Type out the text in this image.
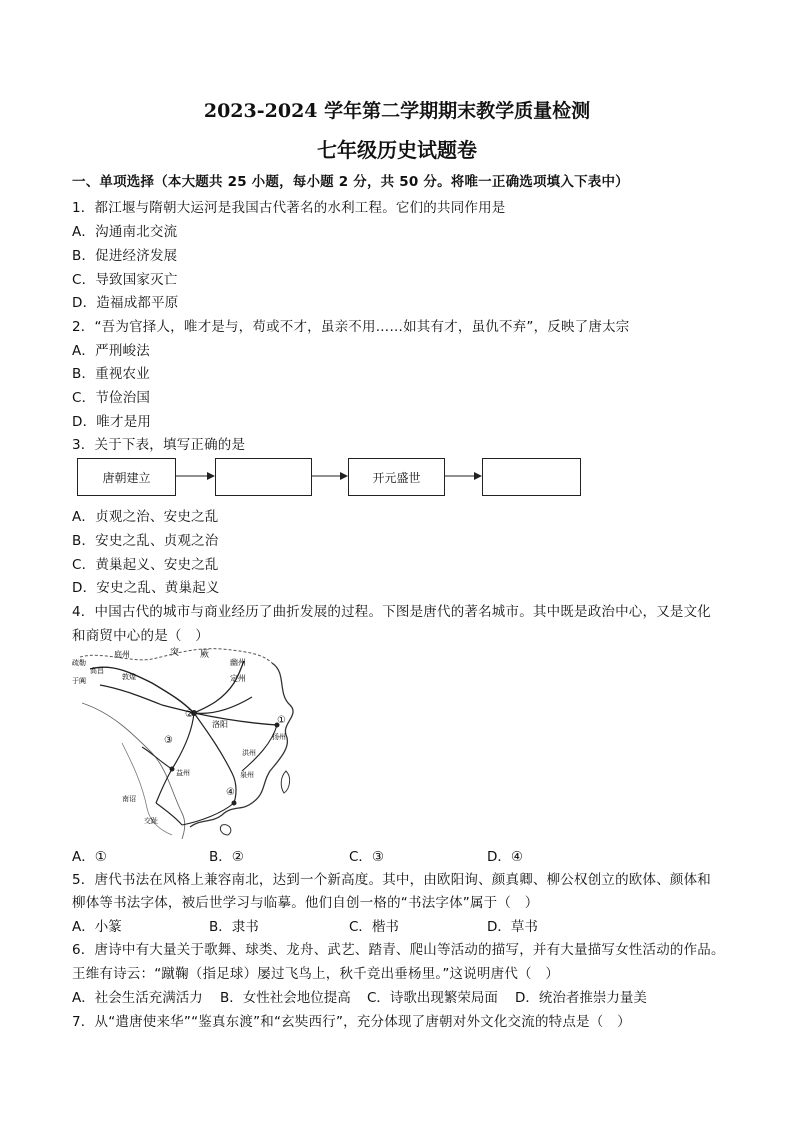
2023-2024 学年第二学期期末教学质量检测
七年级历史试题卷
一、单项选择（本大题共 25 小题，每小题 2 分，共 50 分。将唯一正确选项填入下表中）
1．都江堰与隋朝大运河是我国古代著名的水利工程。它们的共同作用是
A．沟通南北交流
B．促进经济发展
C．导致国家灭亡
D．造福成都平原
2．“吾为官择人，唯才是与，苟或不才，虽亲不用……如其有才，虽仇不弃”，反映了唐太宗
A．严刑峻法
B．重视农业
C．节俭治国
D．唯才是用
3．关于下表，填写正确的是
唐朝建立	开元盛世
A．贞观之治、安史之乱
B．安史之乱、贞观之治
C．黄巢起义、安史之乱
D．安史之乱、黄巢起义
4．中国古代的城市与商业经历了曲折发展的过程。下图是唐代的著名城市。其中既是政治中心，又是文化
和商贸中心的是（　）
庭州	突 厥
幽州
定州
疏勒
高昌
于阗	敦煌
②
洛阳	①
③
④
益州
洪州
泉州
扬州
交趾
南诏
A．①	B．②	C．③	D．④
5．唐代书法在风格上兼容南北，达到一个新高度。其中，由欧阳询、颜真卿、柳公权创立的欧体、颜体和
柳体等书法字体，被后世学习与临摹。他们自创一格的“书法字体”属于（　）
A．小篆	B．隶书	C．楷书	D．草书
6．唐诗中有大量关于歌舞、球类、龙舟、武艺、踏青、爬山等活动的描写，并有大量描写女性活动的作品。
王维有诗云：“蹴鞠（指足球）屡过飞鸟上，秋千竞出垂杨里。”这说明唐代（　）
A．社会生活充满活力 B．女性社会地位提高 C．诗歌出现繁荣局面 D．统治者推崇力量美
7．从“遣唐使来华”“鉴真东渡”和“玄奘西行”，充分体现了唐朝对外文化交流的特点是（　）
